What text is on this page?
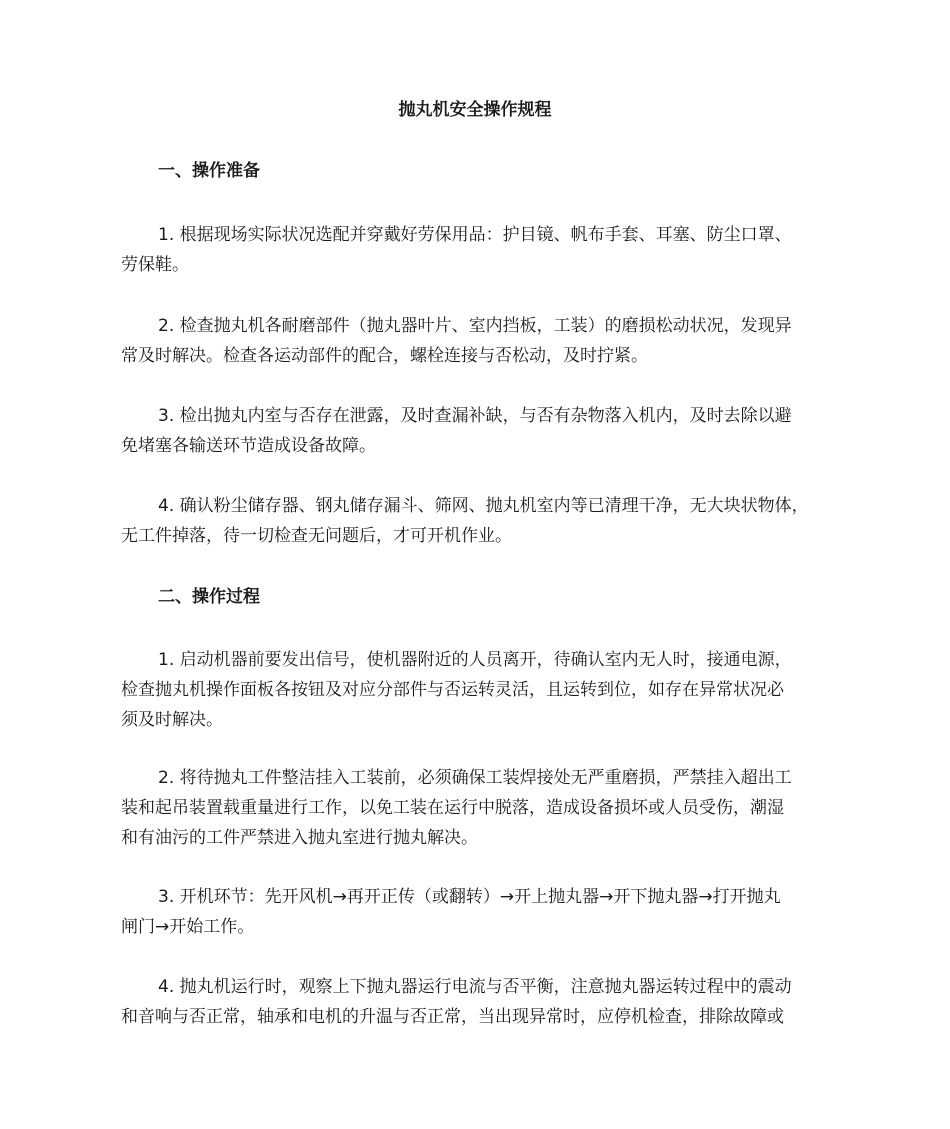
抛丸机安全操作规程
一、操作准备
1. 根据现场实际状况选配并穿戴好劳保用品：护目镜、帆布手套、耳塞、防尘口罩、
劳保鞋。
2. 检查抛丸机各耐磨部件（抛丸器叶片、室内挡板，工装）的磨损松动状况，发现异
常及时解决。检查各运动部件的配合，螺栓连接与否松动，及时拧紧。
3. 检出抛丸内室与否存在泄露，及时查漏补缺，与否有杂物落入机内，及时去除以避
免堵塞各输送环节造成设备故障。
4. 确认粉尘储存器、钢丸储存漏斗、筛网、抛丸机室内等已清理干净，无大块状物体，
无工件掉落，待一切检查无问题后，才可开机作业。
二、操作过程
1. 启动机器前要发出信号，使机器附近的人员离开，待确认室内无人时，接通电源，
检查抛丸机操作面板各按钮及对应分部件与否运转灵活，且运转到位，如存在异常状况必
须及时解决。
2. 将待抛丸工件整洁挂入工装前，必须确保工装焊接处无严重磨损，严禁挂入超出工
装和起吊装置载重量进行工作，以免工装在运行中脱落，造成设备损坏或人员受伤，潮湿
和有油污的工件严禁进入抛丸室进行抛丸解决。
3. 开机环节：先开风机→再开正传（或翻转）→开上抛丸器→开下抛丸器→打开抛丸
闸门→开始工作。
4. 抛丸机运行时，观察上下抛丸器运行电流与否平衡，注意抛丸器运转过程中的震动
和音响与否正常，轴承和电机的升温与否正常，当出现异常时，应停机检查，排除故障或
